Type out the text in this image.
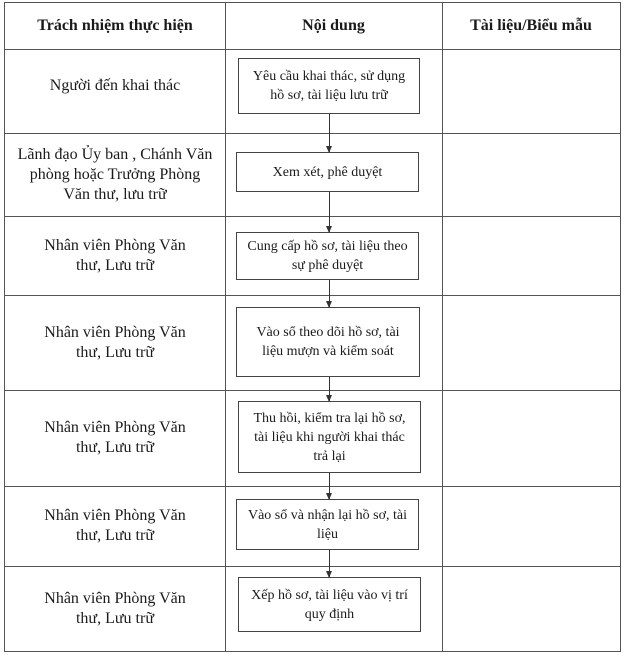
Trách nhiệm thực hiện	Nội dung	Tài liệu/Biểu mẫu
Người đến khai thác
Lãnh đạo Ủy ban , Chánh Văn phòng hoặc Trưởng Phòng Văn thư, lưu trữ
Nhân viên Phòng Văn thư, Lưu trữ
Nhân viên Phòng Văn thư, Lưu trữ
Nhân viên Phòng Văn thư, Lưu trữ
Nhân viên Phòng Văn thư, Lưu trữ
Nhân viên Phòng Văn thư, Lưu trữ
Yêu cầu khai thác, sử dụng hồ sơ, tài liệu lưu trữ
Xem xét, phê duyệt
Cung cấp hồ sơ, tài liệu theo sự phê duyệt
Vào sổ theo dõi hồ sơ, tài liệu mượn và kiểm soát
Thu hồi, kiểm tra lại hồ sơ, tài liệu khi người khai thác trả lại
Vào sổ và nhận lại hồ sơ, tài liệu
Xếp hồ sơ, tài liệu vào vị trí quy định
